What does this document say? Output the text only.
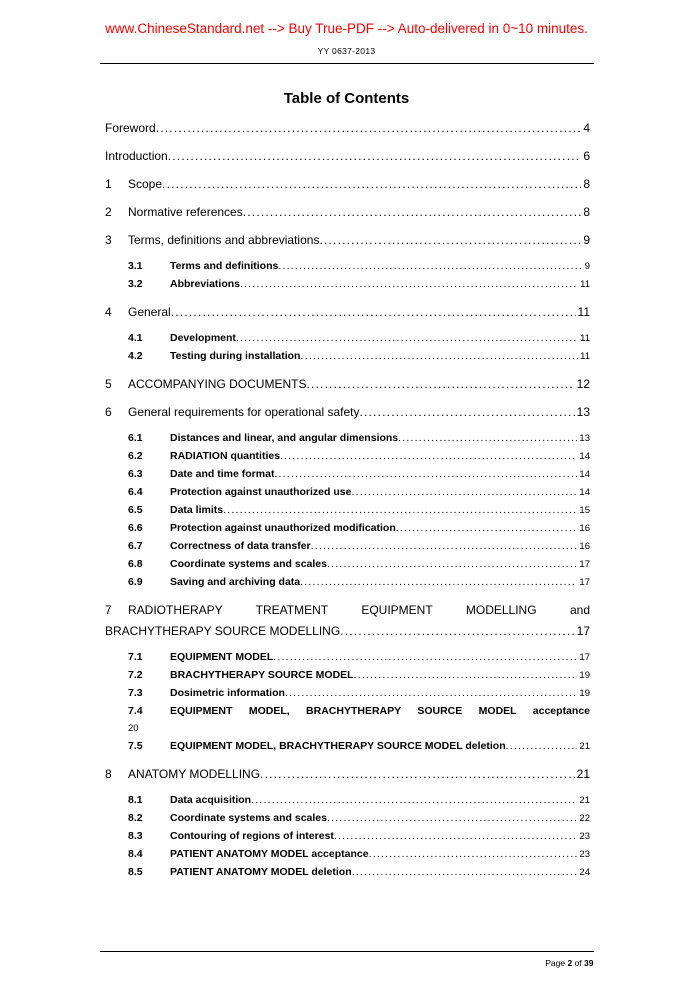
www.ChineseStandard.net --> Buy True-PDF --> Auto-delivered in 0~10 minutes.
YY 0637-2013
Table of Contents
Foreword .....	4
Introduction .....	6
1	Scope .....	8
2	Normative references .....	8
3	Terms, definitions and abbreviations .....	9
3.1	Terms and definitions .....	9
3.2	Abbreviations .....	11
4	General .....	11
4.1	Development .....	11
4.2	Testing during installation .....	11
5	ACCOMPANYING DOCUMENTS .....	12
6	General requirements for operational safety .....	13
6.1	Distances and linear, and angular dimensions .....	13
6.2	RADIATION quantities .....	14
6.3	Date and time format .....	14
6.4	Protection against unauthorized use .....	14
6.5	Data limits .....	15
6.6	Protection against unauthorized modification .....	16
6.7	Correctness of data transfer .....	16
6.8	Coordinate systems and scales .....	17
6.9	Saving and archiving data .....	17
7	RADIOTHERAPY TREATMENT EQUIPMENT MODELLING and
BRACHYTHERAPY SOURCE MODELLING .....	17
7.1	EQUIPMENT MODEL .....	17
7.2	BRACHYTHERAPY SOURCE MODEL .....	19
7.3	Dosimetric information .....	19
7.4	EQUIPMENT MODEL, BRACHYTHERAPY SOURCE MODEL acceptance
20
7.5	EQUIPMENT MODEL, BRACHYTHERAPY SOURCE MODEL deletion .....	21
8	ANATOMY MODELLING .....	21
8.1	Data acquisition .....	21
8.2	Coordinate systems and scales .....	22
8.3	Contouring of regions of interest .....	23
8.4	PATIENT ANATOMY MODEL acceptance .....	23
8.5	PATIENT ANATOMY MODEL deletion .....	24
Page 2 of 39
